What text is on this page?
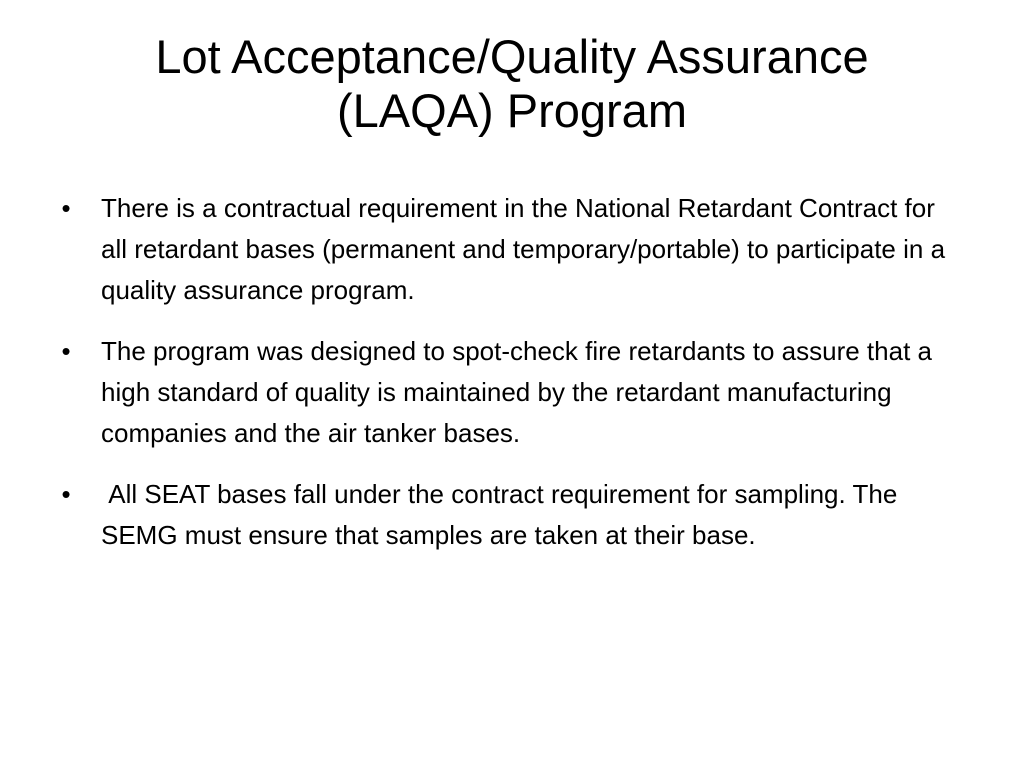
Lot Acceptance/Quality Assurance
(LAQA) Program
• There is a contractual requirement in the National Retardant Contract for all retardant bases (permanent and temporary/portable) to participate in a quality assurance program.
• The program was designed to spot-check fire retardants to assure that a high standard of quality is maintained by the retardant manufacturing companies and the air tanker bases.
• All SEAT bases fall under the contract requirement for sampling. The SEMG must ensure that samples are taken at their base.
